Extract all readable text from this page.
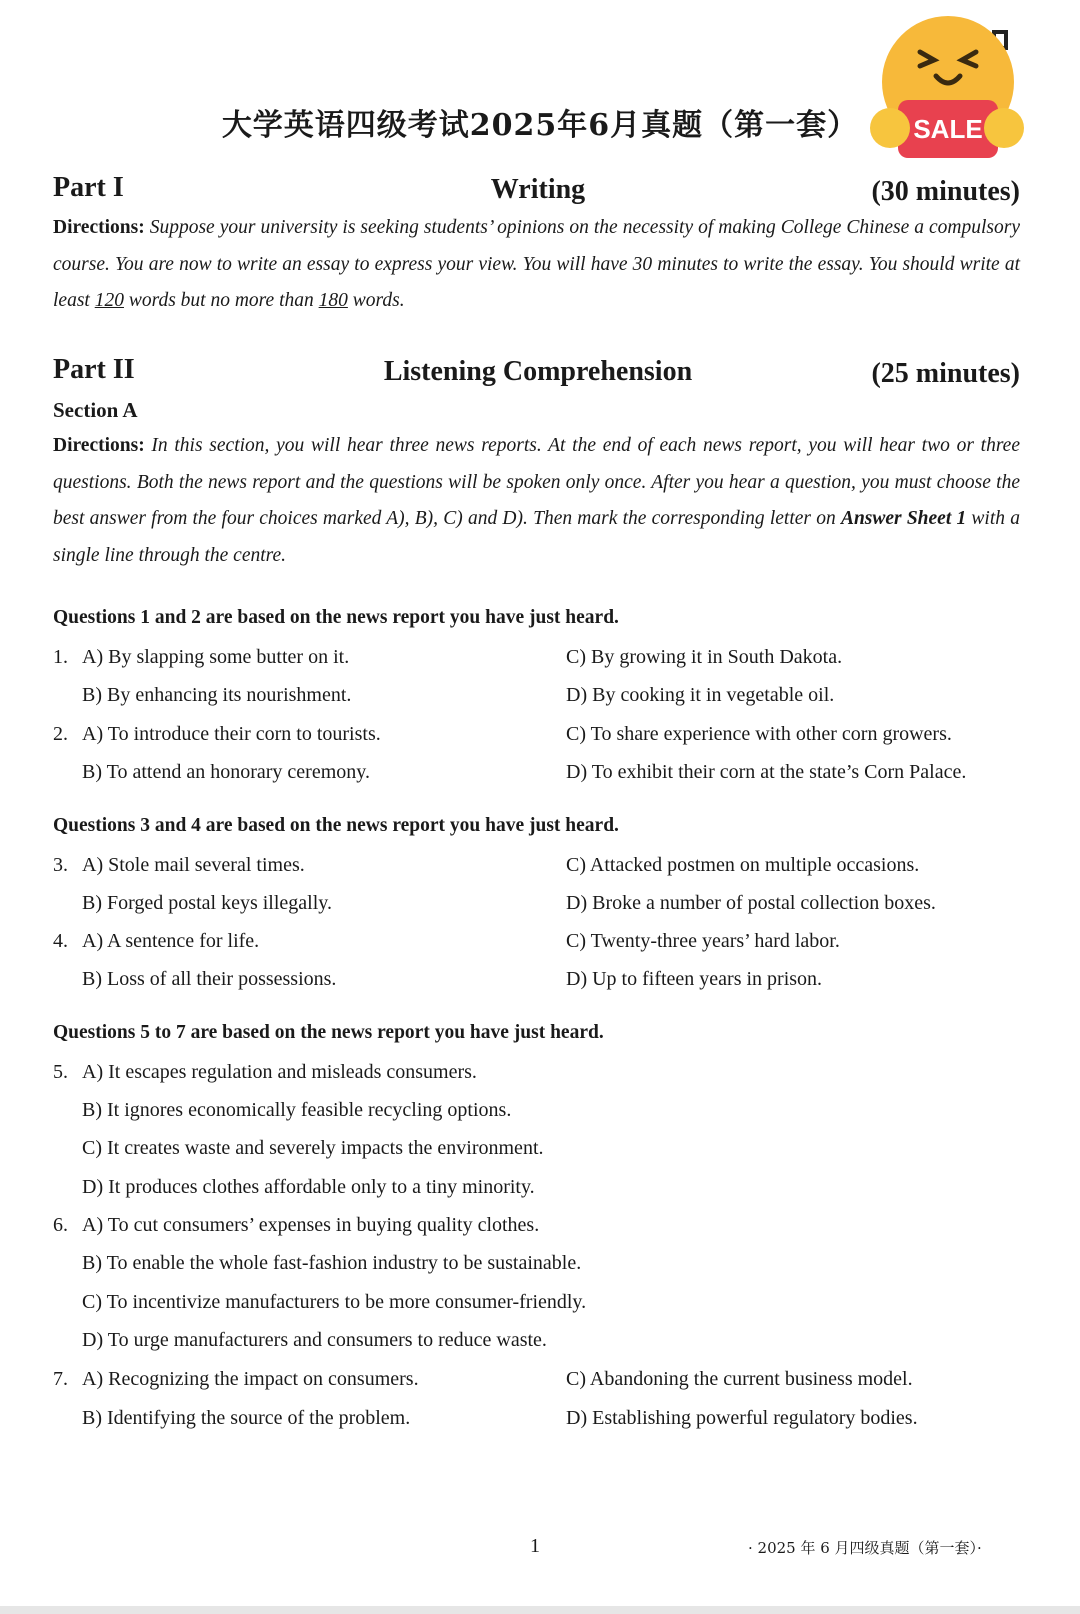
大学英语四级考试2025年6月真题（第一套）	SALE
Part I	Writing	(30 minutes)
Directions: Suppose your university is seeking students’ opinions on the necessity of making College Chinese a compulsory course. You are now to write an essay to express your view. You will have 30 minutes to write the essay. You should write at least 120 words but no more than 180 words.
Part II	Listening Comprehension	(25 minutes)
Section A
Directions: In this section, you will hear three news reports. At the end of each news report, you will hear two or three questions. Both the news report and the questions will be spoken only once. After you hear a question, you must choose the best answer from the four choices marked A), B), C) and D). Then mark the corresponding letter on Answer Sheet 1 with a single line through the centre.
Questions 1 and 2 are based on the news report you have just heard.
1. A) By slapping some butter on it.	C) By growing it in South Dakota.
B) By enhancing its nourishment.	D) By cooking it in vegetable oil.
2. A) To introduce their corn to tourists.	C) To share experience with other corn growers.
B) To attend an honorary ceremony.	D) To exhibit their corn at the state’s Corn Palace.
Questions 3 and 4 are based on the news report you have just heard.
3. A) Stole mail several times.	C) Attacked postmen on multiple occasions.
B) Forged postal keys illegally.	D) Broke a number of postal collection boxes.
4. A) A sentence for life.	C) Twenty-three years’ hard labor.
B) Loss of all their possessions.	D) Up to fifteen years in prison.
Questions 5 to 7 are based on the news report you have just heard.
5. A) It escapes regulation and misleads consumers.
B) It ignores economically feasible recycling options.
C) It creates waste and severely impacts the environment.
D) It produces clothes affordable only to a tiny minority.
6. A) To cut consumers’ expenses in buying quality clothes.
B) To enable the whole fast-fashion industry to be sustainable.
C) To incentivize manufacturers to be more consumer-friendly.
D) To urge manufacturers and consumers to reduce waste.
7. A) Recognizing the impact on consumers.	C) Abandoning the current business model.
B) Identifying the source of the problem.	D) Establishing powerful regulatory bodies.
1	· 2025 年 6 月四级真题（第一套）·
